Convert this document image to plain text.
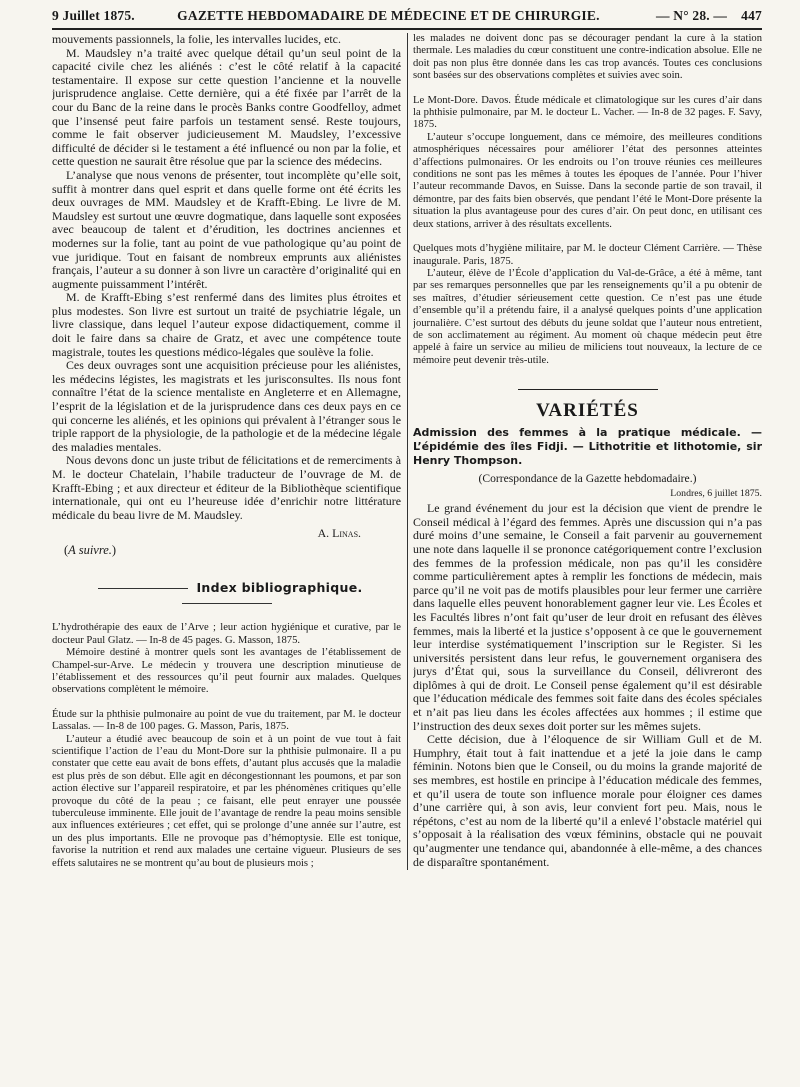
9 Juillet 1875.	GAZETTE HEBDOMADAIRE DE MÉDECINE ET DE CHIRURGIE.	— N° 28. — 447

mouvements passionnels, la folie, les intervalles lucides, etc.

M. Maudsley n’a traité avec quelque détail qu’un seul point de la capacité civile chez les aliénés : c’est le côté relatif à la capacité testamentaire. Il expose sur cette question l’ancienne et la nouvelle jurisprudence anglaise. Cette dernière, qui a été fixée par l’arrêt de la cour du Banc de la reine dans le procès Banks contre Goodfelloy, admet que l’insensé peut faire parfois un testament sensé. Reste toujours, comme le fait observer judicieusement M. Maudsley, l’excessive difficulté de décider si le testament a été influencé ou non par la folie, et cette question ne saurait être résolue que par la science des médecins.

L’analyse que nous venons de présenter, tout incomplète qu’elle soit, suffit à montrer dans quel esprit et dans quelle forme ont été écrits les deux ouvrages de MM. Maudsley et de Krafft-Ebing. Le livre de M. Maudsley est surtout une œuvre dogmatique, dans laquelle sont exposées avec beaucoup de talent et d’érudition, les doctrines anciennes et modernes sur la folie, tant au point de vue pathologique qu’au point de vue juridique. Tout en faisant de nombreux emprunts aux aliénistes français, l’auteur a su donner à son livre un caractère d’originalité qui en augmente puissamment l’intérêt.

M. de Krafft-Ebing s’est renfermé dans des limites plus étroites et plus modestes. Son livre est surtout un traité de psychiatrie légale, un livre classique, dans lequel l’auteur expose didactiquement, comme il doit le faire dans sa chaire de Gratz, et avec une compétence toute magistrale, toutes les questions médico-légales que soulève la folie.

Ces deux ouvrages sont une acquisition précieuse pour les aliénistes, les médecins légistes, les magistrats et les jurisconsultes. Ils nous font connaître l’état de la science mentaliste en Angleterre et en Allemagne, l’esprit de la législation et de la jurisprudence dans ces deux pays en ce qui concerne les aliénés, et les opinions qui prévalent à l’étranger sous le triple rapport de la physiologie, de la pathologie et de la médecine légale des maladies mentales.

Nous devons donc un juste tribut de félicitations et de remerciments à M. le docteur Chatelain, l’habile traducteur de l’ouvrage de M. de Krafft-Ebing ; et aux directeur et éditeur de la Bibliothèque scientifique internationale, qui ont eu l’heureuse idée d’enrichir notre littérature médicale du beau livre de M. Maudsley.

A. Linas.
( A suivre. )
Index bibliographique.

L’hydrothérapie des eaux de l’Arve ; leur action hygiénique et curative, par le docteur Paul Glatz. — In-8 de 45 pages. G. Masson, 1875.

Mémoire destiné à montrer quels sont les avantages de l’établissement de Champel-sur-Arve. Le médecin y trouvera une description minutieuse de l’établissement et des ressources qu’il peut fournir aux malades. Quelques observations complètent le mémoire.

Étude sur la phthisie pulmonaire au point de vue du traitement, par M. le docteur Lassalas. — In-8 de 100 pages. G. Masson, Paris, 1875.

L’auteur a étudié avec beaucoup de soin et à un point de vue tout à fait scientifique l’action de l’eau du Mont-Dore sur la phthisie pulmonaire. Il a pu constater que cette eau avait de bons effets, d’autant plus accusés que la maladie est plus près de son début. Elle agit en décongestionnant les poumons, et par son action élective sur l’appareil respiratoire, et par les phénomènes critiques qu’elle provoque du côté de la peau ; ce faisant, elle peut enrayer une poussée tuberculeuse imminente. Elle jouit de l’avantage de rendre la peau moins sensible aux influences extérieures ; cet effet, qui se prolonge d’une année sur l’autre, est un des plus importants. Elle ne provoque pas d’hémoptysie. Elle est tonique, favorise la nutrition et rend aux malades une certaine vigueur. Plusieurs de ses effets salutaires ne se montrent qu’au bout de plusieurs mois ;

les malades ne doivent donc pas se décourager pendant la cure à la station thermale. Les maladies du cœur constituent une contre-indication absolue. Elle ne doit pas non plus être donnée dans les cas trop avancés. Toutes ces conclusions sont basées sur des observations complètes et suivies avec soin.

Le Mont-Dore. Davos. Étude médicale et climatologique sur les cures d’air dans la phthisie pulmonaire, par M. le docteur L. Vacher. — In-8 de 32 pages. F. Savy, 1875.

L’auteur s’occupe longuement, dans ce mémoire, des meilleures conditions atmosphériques nécessaires pour améliorer l’état des personnes atteintes d’affections pulmonaires. Or les endroits ou l’on trouve réunies ces meilleures conditions ne sont pas les mêmes à toutes les époques de l’année. Pour l’hiver l’auteur recommande Davos, en Suisse. Dans la seconde partie de son travail, il démontre, par des faits bien observés, que pendant l’été le Mont-Dore présente la situation la plus avantageuse pour des cures d’air. On peut donc, en utilisant ces deux stations, arriver à des résultats excellents.

Quelques mots d’hygiène militaire, par M. le docteur Clément Carrière. — Thèse inaugurale. Paris, 1875.

L’auteur, élève de l’École d’application du Val-de-Grâce, a été à même, tant par ses remarques personnelles que par les renseignements qu’il a pu obtenir de ses maîtres, d’étudier sérieusement cette question. Ce n’est pas une étude d’ensemble qu’il a prétendu faire, il a analysé quelques points d’une application journalière. C’est surtout des débuts du jeune soldat que l’auteur nous entretient, de son acclimatement au régiment. Au moment où chaque médecin peut être appelé à faire un service au milieu de miliciens tout nouveaux, la lecture de ce mémoire peut devenir très-utile.

VARIÉTÉS
Admission des femmes à la pratique médicale. — L’épidémie des îles Fidji. — Lithotritie et lithotomie, sir Henry Thompson.
(Correspondance de la Gazette hebdomadaire.)
Londres, 6 juillet 1875.

Le grand événement du jour est la décision que vient de prendre le Conseil médical à l’égard des femmes. Après une discussion qui n’a pas duré moins d’une semaine, le Conseil a fait parvenir au gouvernement une note dans laquelle il se prononce catégoriquement contre l’exclusion des femmes de la profession médicale, non pas qu’il les considère comme particulièrement aptes à remplir les fonctions de médecin, mais parce qu’il ne voit pas de motifs plausibles pour leur fermer une carrière dans laquelle elles peuvent honorablement gagner leur vie. Les Écoles et les Facultés libres n’ont fait qu’user de leur droit en refusant des élèves femmes, mais la liberté et la justice s’opposent à ce que le gouvernement leur interdise systématiquement l’inscription sur le Register. Si les universités persistent dans leur refus, le gouvernement organisera des jurys d’État qui, sous la surveillance du Conseil, délivreront des diplômes à qui de droit. Le Conseil pense également qu’il est désirable que l’éducation médicale des femmes soit faite dans des écoles spéciales et n’ait pas lieu dans les écoles affectées aux hommes ; il estime que l’instruction des deux sexes doit porter sur les mêmes sujets.

Cette décision, due à l’éloquence de sir William Gull et de M. Humphry, était tout à fait inattendue et a jeté la joie dans le camp féminin. Notons bien que le Conseil, ou du moins la grande majorité de ses membres, est hostile en principe à l’éducation médicale des femmes, et qu’il usera de toute son influence morale pour éloigner ces dames d’une carrière qui, à son avis, leur convient fort peu. Mais, nous le répétons, c’est au nom de la liberté qu’il a enlevé l’obstacle matériel qui s’opposait à la réalisation des vœux féminins, obstacle qui ne pouvait qu’augmenter une tendance qui, abandonnée à elle-même, a des chances de disparaître spontanément.
